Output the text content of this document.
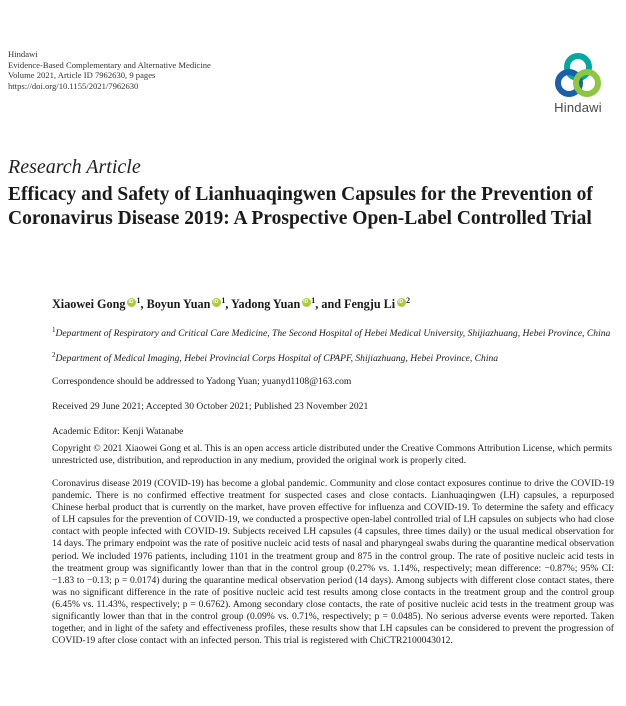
Hindawi
Evidence-Based Complementary and Alternative Medicine
Volume 2021, Article ID 7962630, 9 pages
https://doi.org/10.1155/2021/7962630
Hindawi
Research Article
Efficacy and Safety of Lianhuaqingwen Capsules for the Prevention of Coronavirus Disease 2019: A Prospective Open-Label Controlled Trial
Xiaowei Gong iD $^1$, Boyun Yuan iD $^1$, Yadong Yuan iD $^1$, and Fengju Li iD $^2$
$^1$Department of Respiratory and Critical Care Medicine, The Second Hospital of Hebei Medical University, Shijiazhuang, Hebei Province, China
$^2$Department of Medical Imaging, Hebei Provincial Corps Hospital of CPAPF, Shijiazhuang, Hebei Province, China
Correspondence should be addressed to Yadong Yuan; yuanyd1108@163.com
Received 29 June 2021; Accepted 30 October 2021; Published 23 November 2021
Academic Editor: Kenji Watanabe
Copyright © 2021 Xiaowei Gong et al. This is an open access article distributed under the Creative Commons Attribution License, which permits unrestricted use, distribution, and reproduction in any medium, provided the original work is properly cited.
Coronavirus disease 2019 (COVID-19) has become a global pandemic. Community and close contact exposures continue to drive the COVID-19 pandemic. There is no confirmed effective treatment for suspected cases and close contacts. Lianhuaqingwen (LH) capsules, a repurposed Chinese herbal product that is currently on the market, have proven effective for influenza and COVID-19. To determine the safety and efficacy of LH capsules for the prevention of COVID-19, we conducted a prospective open-label controlled trial of LH capsules on subjects who had close contact with people infected with COVID-19. Subjects received LH capsules (4 capsules, three times daily) or the usual medical observation for 14 days. The primary endpoint was the rate of positive nucleic acid tests of nasal and pharyngeal swabs during the quarantine medical observation period. We included 1976 patients, including 1101 in the treatment group and 875 in the control group. The rate of positive nucleic acid tests in the treatment group was significantly lower than that in the control group (0.27% vs. 1.14%, respectively; mean difference: −0.87%; 95% CI: −1.83 to −0.13; p = 0.0174) during the quarantine medical observation period (14 days). Among subjects with different close contact states, there was no significant difference in the rate of positive nucleic acid test results among close contacts in the treatment group and the control group (6.45% vs. 11.43%, respectively; p = 0.6762). Among secondary close contacts, the rate of positive nucleic acid tests in the treatment group was significantly lower than that in the control group (0.09% vs. 0.71%, respectively; p = 0.0485). No serious adverse events were reported. Taken together, and in light of the safety and effectiveness profiles, these results show that LH capsules can be considered to prevent the progression of COVID-19 after close contact with an infected person. This trial is registered with ChiCTR2100043012.
